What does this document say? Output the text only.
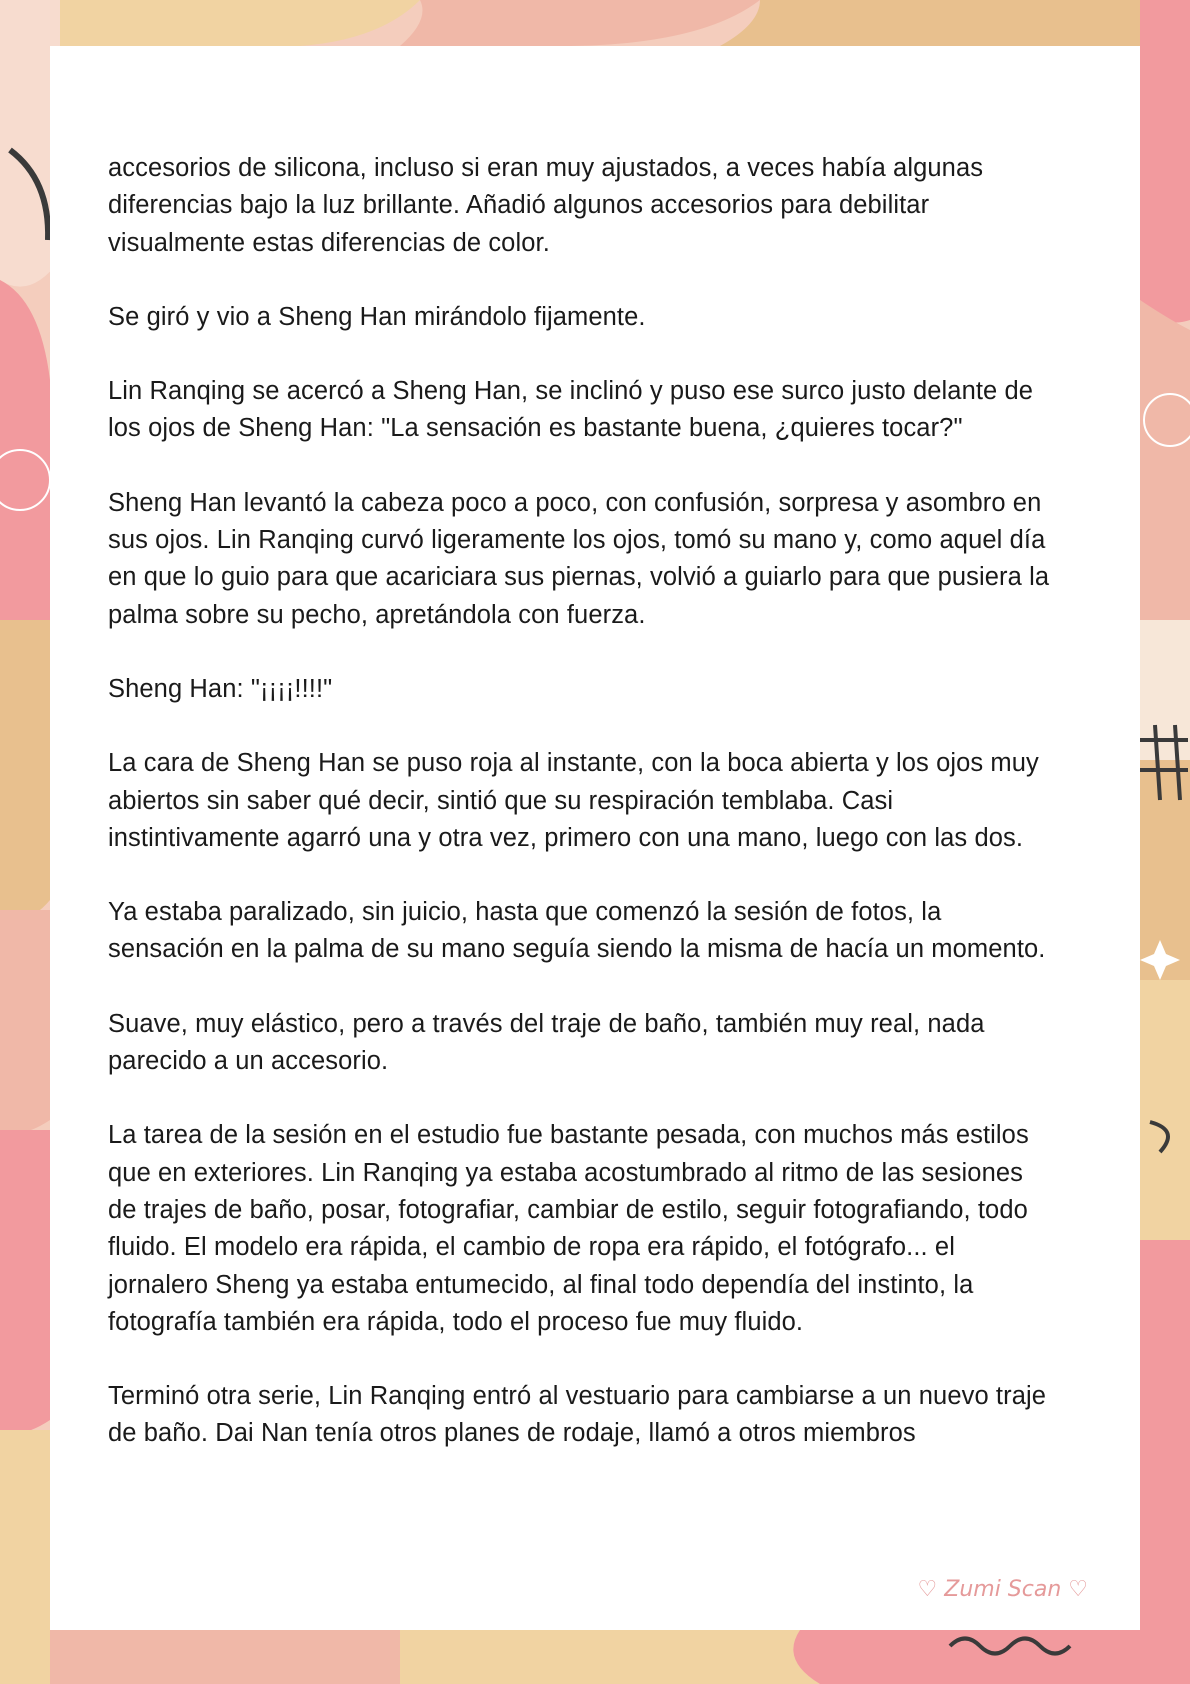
accesorios de silicona, incluso si eran muy ajustados, a veces había algunas diferencias bajo la luz brillante. Añadió algunos accesorios para debilitar visualmente estas diferencias de color.

Se giró y vio a Sheng Han mirándolo fijamente.

Lin Ranqing se acercó a Sheng Han, se inclinó y puso ese surco justo delante de los ojos de Sheng Han: "La sensación es bastante buena, ¿quieres tocar?"

Sheng Han levantó la cabeza poco a poco, con confusión, sorpresa y asombro en sus ojos. Lin Ranqing curvó ligeramente los ojos, tomó su mano y, como aquel día en que lo guio para que acariciara sus piernas, volvió a guiarlo para que pusiera la palma sobre su pecho, apretándola con fuerza.

Sheng Han: "¡¡¡¡!!!!"

La cara de Sheng Han se puso roja al instante, con la boca abierta y los ojos muy abiertos sin saber qué decir, sintió que su respiración temblaba. Casi instintivamente agarró una y otra vez, primero con una mano, luego con las dos.

Ya estaba paralizado, sin juicio, hasta que comenzó la sesión de fotos, la sensación en la palma de su mano seguía siendo la misma de hacía un momento.

Suave, muy elástico, pero a través del traje de baño, también muy real, nada parecido a un accesorio.

La tarea de la sesión en el estudio fue bastante pesada, con muchos más estilos que en exteriores. Lin Ranqing ya estaba acostumbrado al ritmo de las sesiones de trajes de baño, posar, fotografiar, cambiar de estilo, seguir fotografiando, todo fluido. El modelo era rápida, el cambio de ropa era rápido, el fotógrafo... el jornalero Sheng ya estaba entumecido, al final todo dependía del instinto, la fotografía también era rápida, todo el proceso fue muy fluido.

Terminó otra serie, Lin Ranqing entró al vestuario para cambiarse a un nuevo traje de baño. Dai Nan tenía otros planes de rodaje, llamó a otros miembros

♡ Zumi Scan ♡
